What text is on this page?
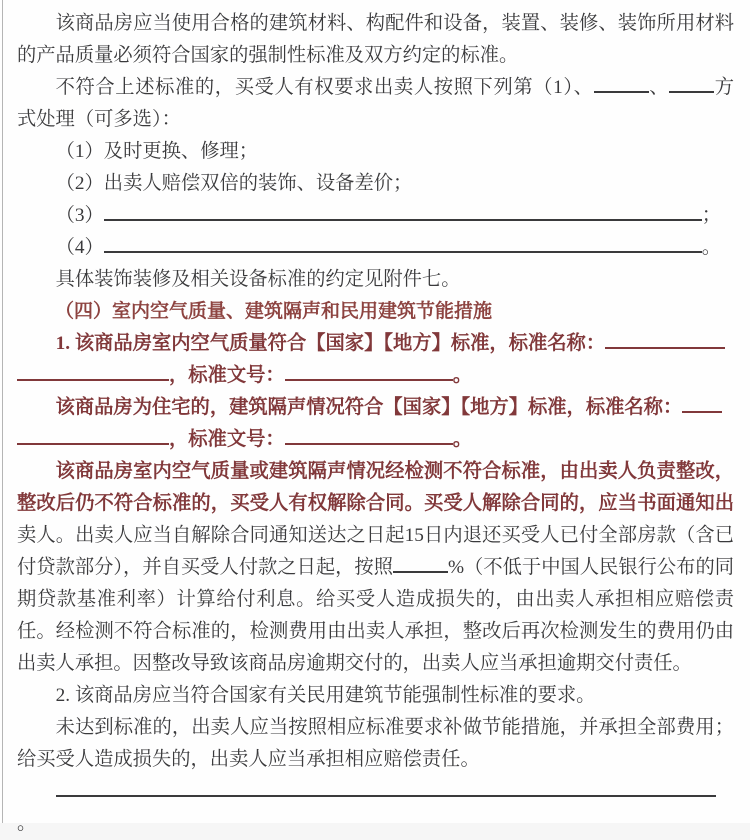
该商品房应当使用合格的建筑材料、构配件和设备，装置、装修、装饰所用材料的产品质量必须符合国家的强制性标准及双方约定的标准。

不符合上述标准的，买受人有权要求出卖人按照下列第（1）、	、 方式处理（可多选）：

（1）及时更换、修理；

（2）出卖人赔偿双倍的装饰、设备差价；

（3）	；

（4）	。

具体装饰装修及相关设备标准的约定见附件七。

（四）室内空气质量、建筑隔声和民用建筑节能措施

1. 该商品房室内空气质量符合【国家】【地方】标准，标准名称：
，标准文号：	。

该商品房为住宅的，建筑隔声情况符合【国家】【地方】标准，标准名称：
，标准文号：	。

该商品房室内空气质量或建筑隔声情况经检测不符合标准，由出卖人负责整改，整改后仍不符合标准的，买受人有权解除合同。买受人解除合同的，应当书面通知出卖人。出卖人应当自解除合同通知送达之日起15日内退还买受人已付全部房款（含已付贷款部分），并自买受人付款之日起，按照	%（不低于中国人民银行公布的同期贷款基准利率）计算给付利息。给买受人造成损失的，由出卖人承担相应赔偿责任。经检测不符合标准的，检测费用由出卖人承担，整改后再次检测发生的费用仍由出卖人承担。因整改导致该商品房逾期交付的，出卖人应当承担逾期交付责任。

2. 该商品房应当符合国家有关民用建筑节能强制性标准的要求。

未达到标准的，出卖人应当按照相应标准要求补做节能措施，并承担全部费用；给买受人造成损失的，出卖人应当承担相应赔偿责任。

。
